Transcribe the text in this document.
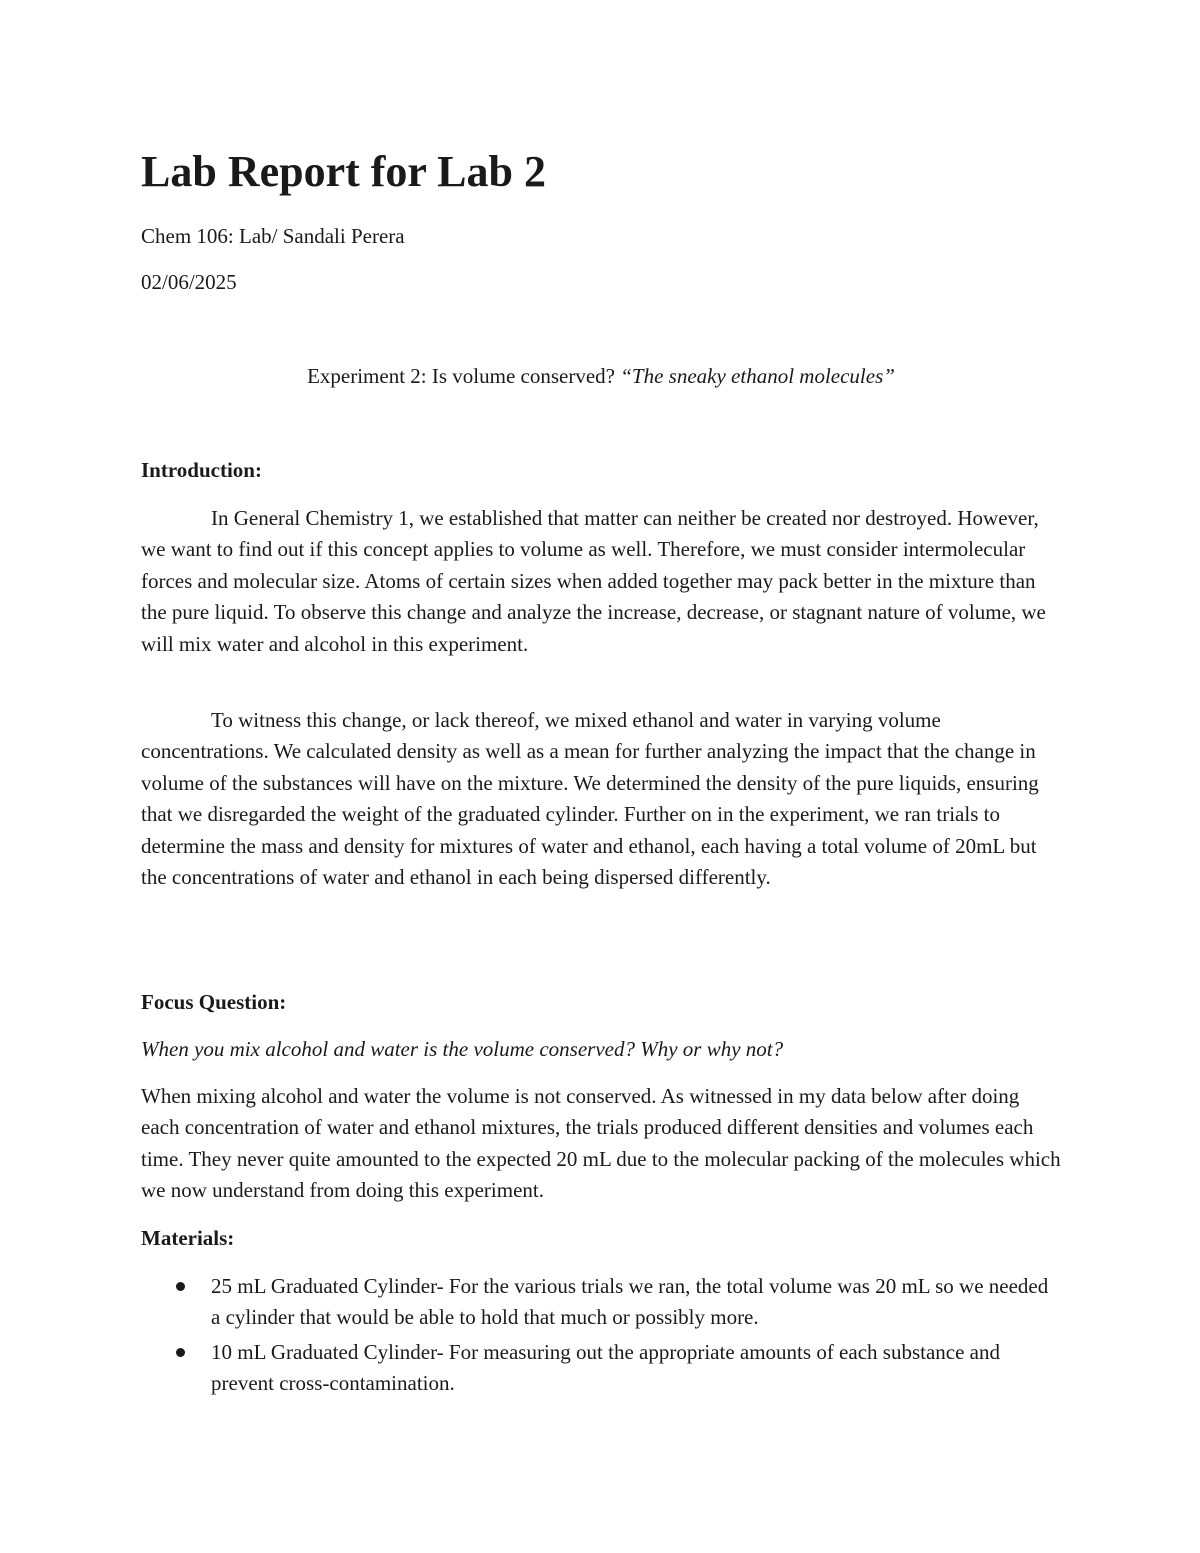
Lab Report for Lab 2

Chem 106: Lab/ Sandali Perera

02/06/2025

Experiment 2: Is volume conserved? “The sneaky ethanol molecules”

Introduction:

In General Chemistry 1, we established that matter can neither be created nor destroyed. However, we want to find out if this concept applies to volume as well. Therefore, we must consider intermolecular forces and molecular size. Atoms of certain sizes when added together may pack better in the mixture than the pure liquid. To observe this change and analyze the increase, decrease, or stagnant nature of volume, we will mix water and alcohol in this experiment.

To witness this change, or lack thereof, we mixed ethanol and water in varying volume concentrations. We calculated density as well as a mean for further analyzing the impact that the change in volume of the substances will have on the mixture. We determined the density of the pure liquids, ensuring that we disregarded the weight of the graduated cylinder. Further on in the experiment, we ran trials to determine the mass and density for mixtures of water and ethanol, each having a total volume of 20mL but the concentrations of water and ethanol in each being dispersed differently.

Focus Question:

When you mix alcohol and water is the volume conserved? Why or why not?

When mixing alcohol and water the volume is not conserved. As witnessed in my data below after doing each concentration of water and ethanol mixtures, the trials produced different densities and volumes each time. They never quite amounted to the expected 20 mL due to the molecular packing of the molecules which we now understand from doing this experiment.

Materials:
25 mL Graduated Cylinder- For the various trials we ran, the total volume was 20 mL so we needed a cylinder that would be able to hold that much or possibly more.
10 mL Graduated Cylinder- For measuring out the appropriate amounts of each substance and prevent cross-contamination.
